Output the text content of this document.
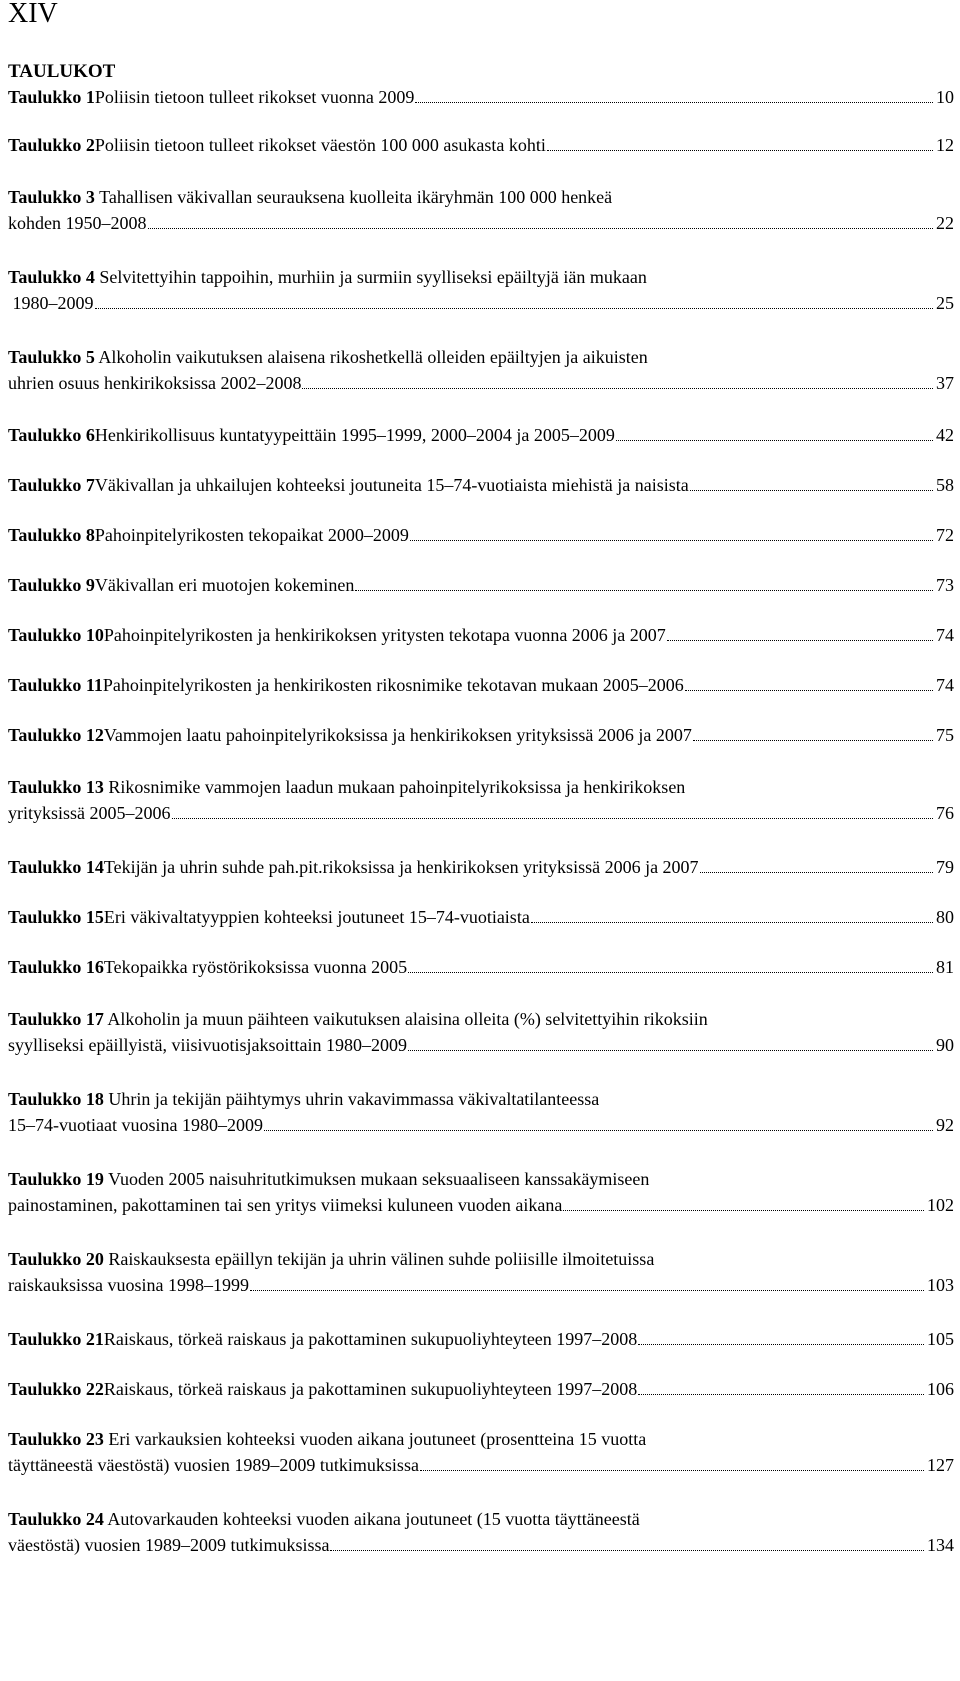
XIV
TAULUKOT
Taulukko 1 Poliisin tietoon tulleet rikokset vuonna 2009	10
Taulukko 2 Poliisin tietoon tulleet rikokset väestön 100 000 asukasta kohti	12
Taulukko 3 Tahallisen väkivallan seurauksena kuolleita ikäryhmän 100 000 henkeä
kohden 1950–2008	22
Taulukko 4 Selvitettyihin tappoihin, murhiin ja surmiin syylliseksi epäiltyjä iän mukaan
1980–2009	25
Taulukko 5 Alkoholin vaikutuksen alaisena rikoshetkellä olleiden epäiltyjen ja aikuisten
uhrien osuus henkirikoksissa 2002–2008	37
Taulukko 6 Henkirikollisuus kuntatyypeittäin 1995–1999, 2000–2004 ja 2005–2009	42
Taulukko 7 Väkivallan ja uhkailujen kohteeksi joutuneita 15–74-vuotiaista miehistä ja naisista	58
Taulukko 8 Pahoinpitelyrikosten tekopaikat 2000–2009	72
Taulukko 9 Väkivallan eri muotojen kokeminen	73
Taulukko 10 Pahoinpitelyrikosten ja henkirikoksen yritysten tekotapa vuonna 2006 ja 2007	74
Taulukko 11 Pahoinpitelyrikosten ja henkirikosten rikosnimike tekotavan mukaan 2005–2006	74
Taulukko 12 Vammojen laatu pahoinpitelyrikoksissa ja henkirikoksen yrityksissä 2006 ja 2007	75
Taulukko 13 Rikosnimike vammojen laadun mukaan pahoinpitelyrikoksissa ja henkirikoksen
yrityksissä 2005–2006	76
Taulukko 14 Tekijän ja uhrin suhde pah.pit.rikoksissa ja henkirikoksen yrityksissä 2006 ja 2007	79
Taulukko 15 Eri väkivaltatyyppien kohteeksi joutuneet 15–74-vuotiaista	80
Taulukko 16 Tekopaikka ryöstörikoksissa vuonna 2005	81
Taulukko 17 Alkoholin ja muun päihteen vaikutuksen alaisina olleita (%) selvitettyihin rikoksiin
syylliseksi epäillyistä, viisivuotisjaksoittain 1980–2009	90
Taulukko 18 Uhrin ja tekijän päihtymys uhrin vakavimmassa väkivaltatilanteessa
15–74-vuotiaat vuosina 1980–2009	92
Taulukko 19 Vuoden 2005 naisuhritutkimuksen mukaan seksuaaliseen kanssakäymiseen
painostaminen, pakottaminen tai sen yritys viimeksi kuluneen vuoden aikana	102
Taulukko 20 Raiskauksesta epäillyn tekijän ja uhrin välinen suhde poliisille ilmoitetuissa
raiskauksissa vuosina 1998–1999	103
Taulukko 21 Raiskaus, törkeä raiskaus ja pakottaminen sukupuoliyhteyteen 1997–2008	105
Taulukko 22 Raiskaus, törkeä raiskaus ja pakottaminen sukupuoliyhteyteen 1997–2008	106
Taulukko 23 Eri varkauksien kohteeksi vuoden aikana joutuneet (prosentteina 15 vuotta
täyttäneestä väestöstä) vuosien 1989–2009 tutkimuksissa	127
Taulukko 24 Autovarkauden kohteeksi vuoden aikana joutuneet (15 vuotta täyttäneestä
väestöstä) vuosien 1989–2009 tutkimuksissa	134
